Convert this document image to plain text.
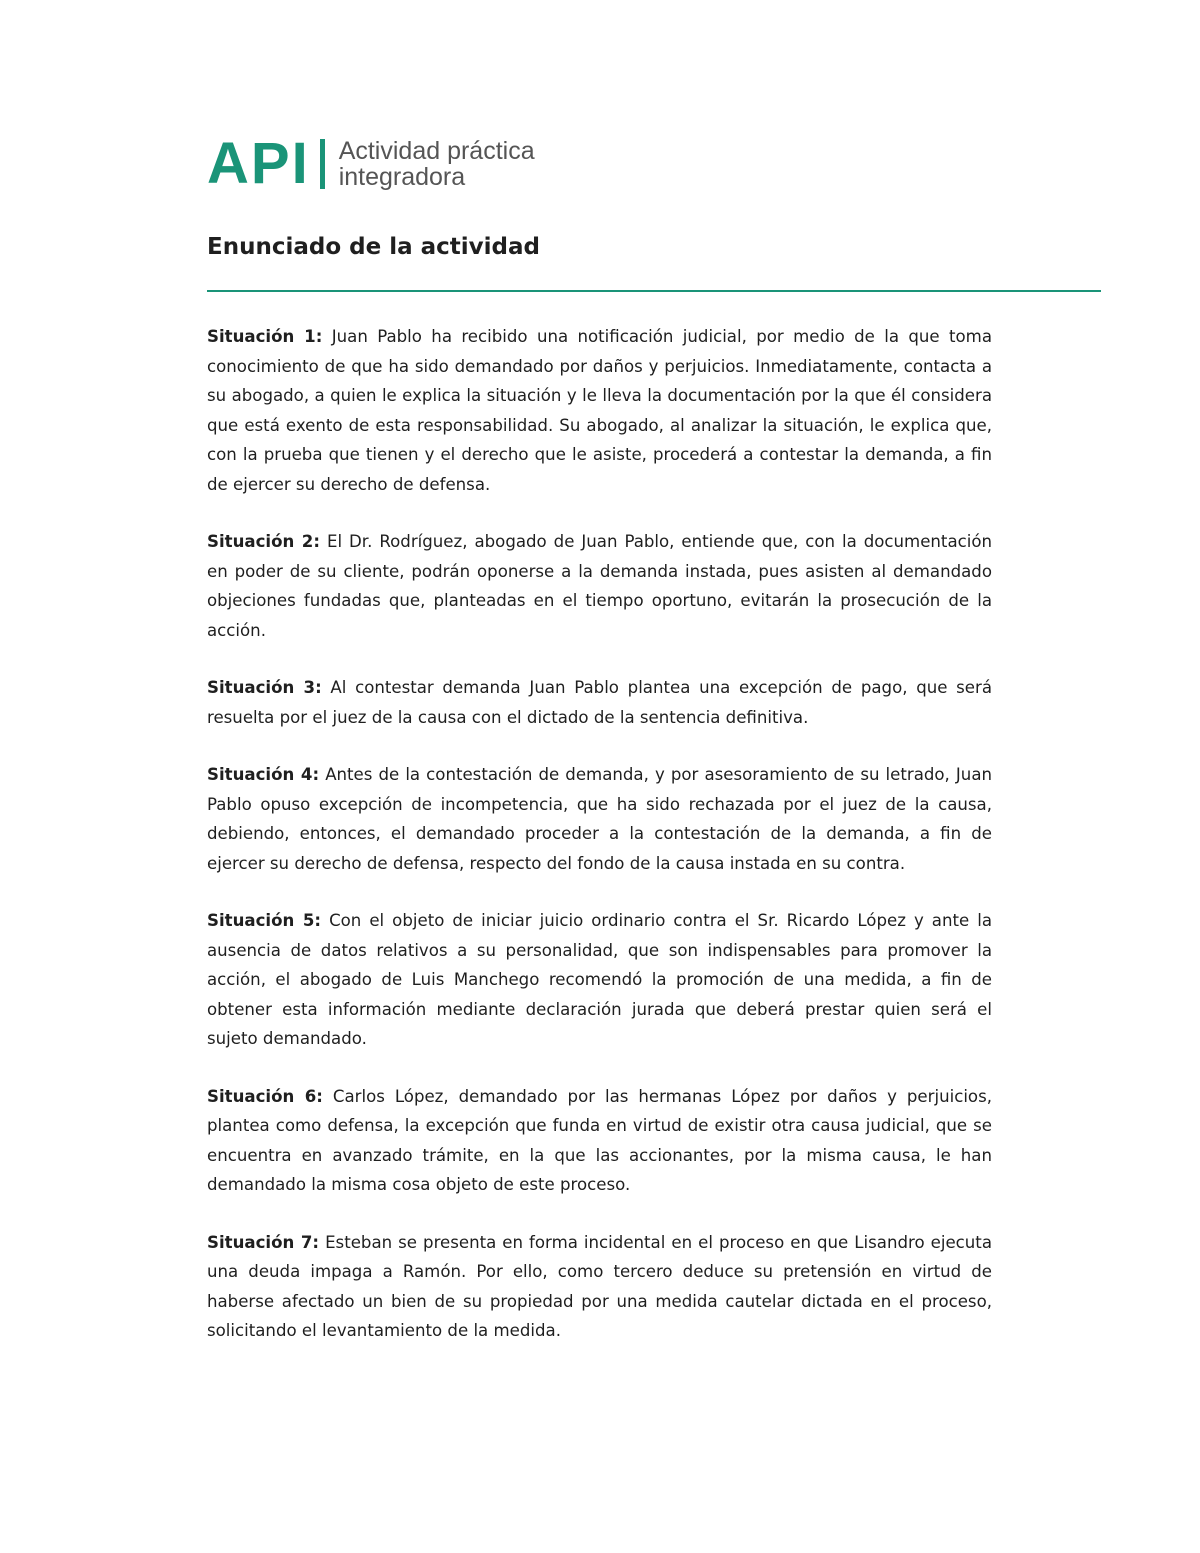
API Actividad práctica
integradora
Enunciado de la actividad

Situación 1: Juan Pablo ha recibido una notificación judicial, por medio de la que toma conocimiento de que ha sido demandado por daños y perjuicios. Inmediatamente, contacta a su abogado, a quien le explica la situación y le lleva la documentación por la que él considera que está exento de esta responsabilidad. Su abogado, al analizar la situación, le explica que, con la prueba que tienen y el derecho que le asiste, procederá a contestar la demanda, a fin de ejercer su derecho de defensa.

Situación 2: El Dr. Rodríguez, abogado de Juan Pablo, entiende que, con la documentación en poder de su cliente, podrán oponerse a la demanda instada, pues asisten al demandado objeciones fundadas que, planteadas en el tiempo oportuno, evitarán la prosecución de la acción.

Situación 3: Al contestar demanda Juan Pablo plantea una excepción de pago, que será resuelta por el juez de la causa con el dictado de la sentencia definitiva.

Situación 4: Antes de la contestación de demanda, y por asesoramiento de su letrado, Juan Pablo opuso excepción de incompetencia, que ha sido rechazada por el juez de la causa, debiendo, entonces, el demandado proceder a la contestación de la demanda, a fin de ejercer su derecho de defensa, respecto del fondo de la causa instada en su contra.

Situación 5: Con el objeto de iniciar juicio ordinario contra el Sr. Ricardo López y ante la ausencia de datos relativos a su personalidad, que son indispensables para promover la acción, el abogado de Luis Manchego recomendó la promoción de una medida, a fin de obtener esta información mediante declaración jurada que deberá prestar quien será el sujeto demandado.

Situación 6: Carlos López, demandado por las hermanas López por daños y perjuicios, plantea como defensa, la excepción que funda en virtud de existir otra causa judicial, que se encuentra en avanzado trámite, en la que las accionantes, por la misma causa, le han demandado la misma cosa objeto de este proceso.

Situación 7: Esteban se presenta en forma incidental en el proceso en que Lisandro ejecuta una deuda impaga a Ramón. Por ello, como tercero deduce su pretensión en virtud de haberse afectado un bien de su propiedad por una medida cautelar dictada en el proceso, solicitando el levantamiento de la medida.
